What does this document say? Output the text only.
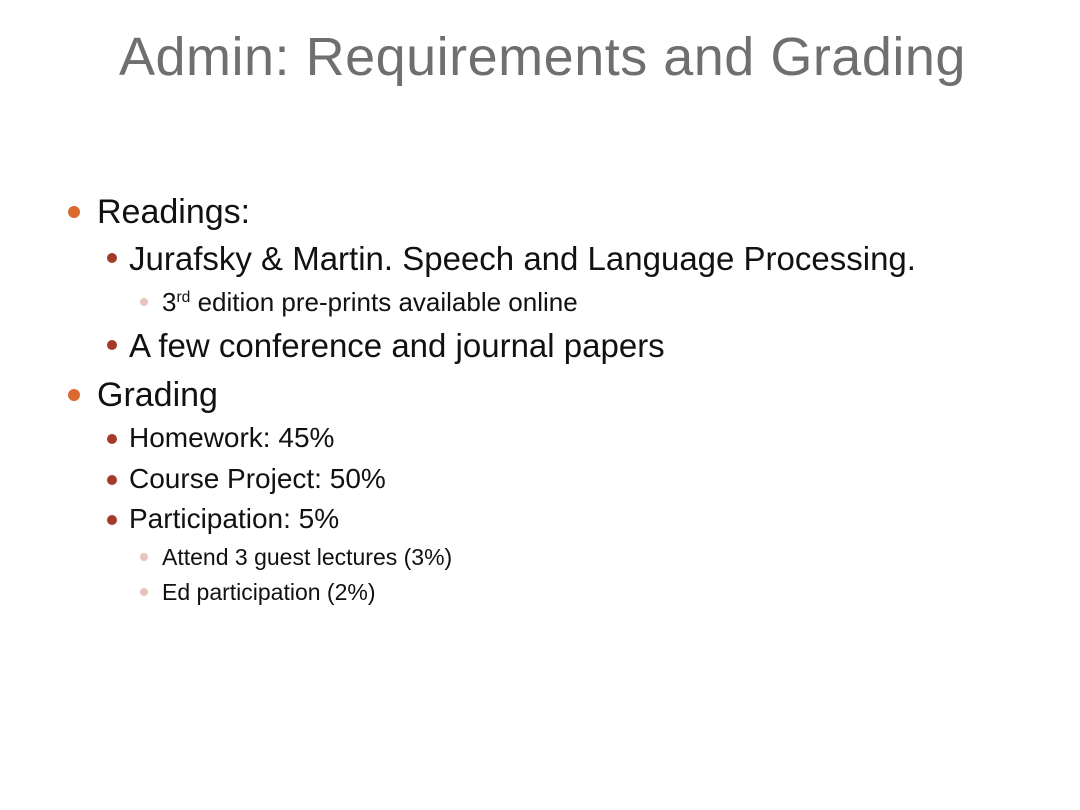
Admin: Requirements and Grading
Readings:
Jurafsky & Martin. Speech and Language Processing.
3rd edition pre-prints available online
A few conference and journal papers
Grading
Homework: 45%
Course Project: 50%
Participation: 5%
Attend 3 guest lectures (3%)
Ed participation (2%)
